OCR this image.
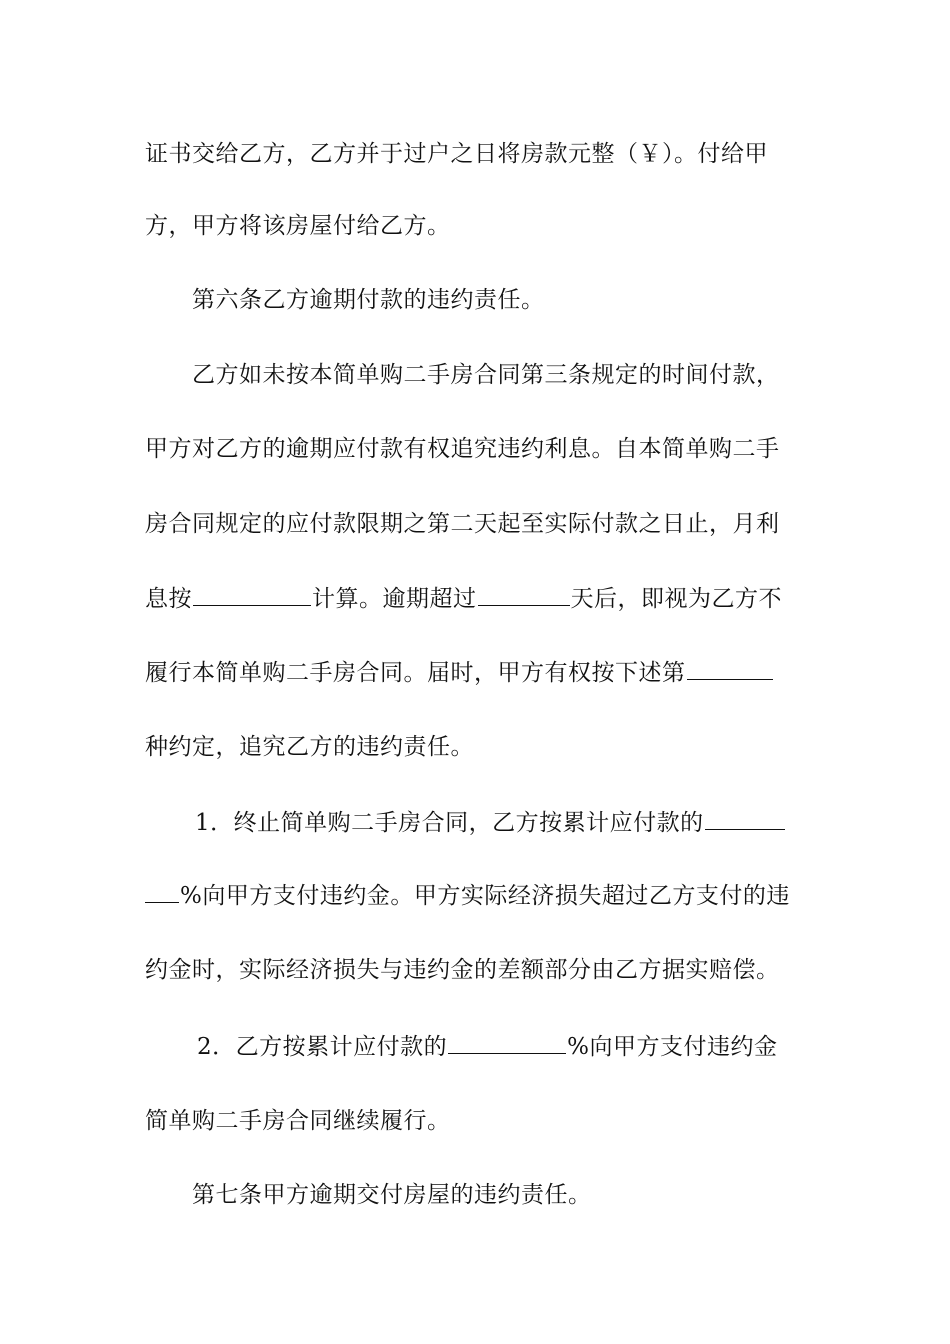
证书交给乙方，乙方并于过户之日将房款元整（￥）。付给甲
方，甲方将该房屋付给乙方。
第六条乙方逾期付款的违约责任。
乙方如未按本简单购二手房合同第三条规定的时间付款，
甲方对乙方的逾期应付款有权追究违约利息。自本简单购二手
房合同规定的应付款限期之第二天起至实际付款之日止，月利
息按	计算。逾期超过	天后，即视为乙方不
履行本简单购二手房合同。届时，甲方有权按下述第
种约定，追究乙方的违约责任。
1．终止简单购二手房合同，乙方按累计应付款的
%向甲方支付违约金。甲方实际经济损失超过乙方支付的违
约金时，实际经济损失与违约金的差额部分由乙方据实赔偿。
2．乙方按累计应付款的	%向甲方支付违约金
简单购二手房合同继续履行。
第七条甲方逾期交付房屋的违约责任。
